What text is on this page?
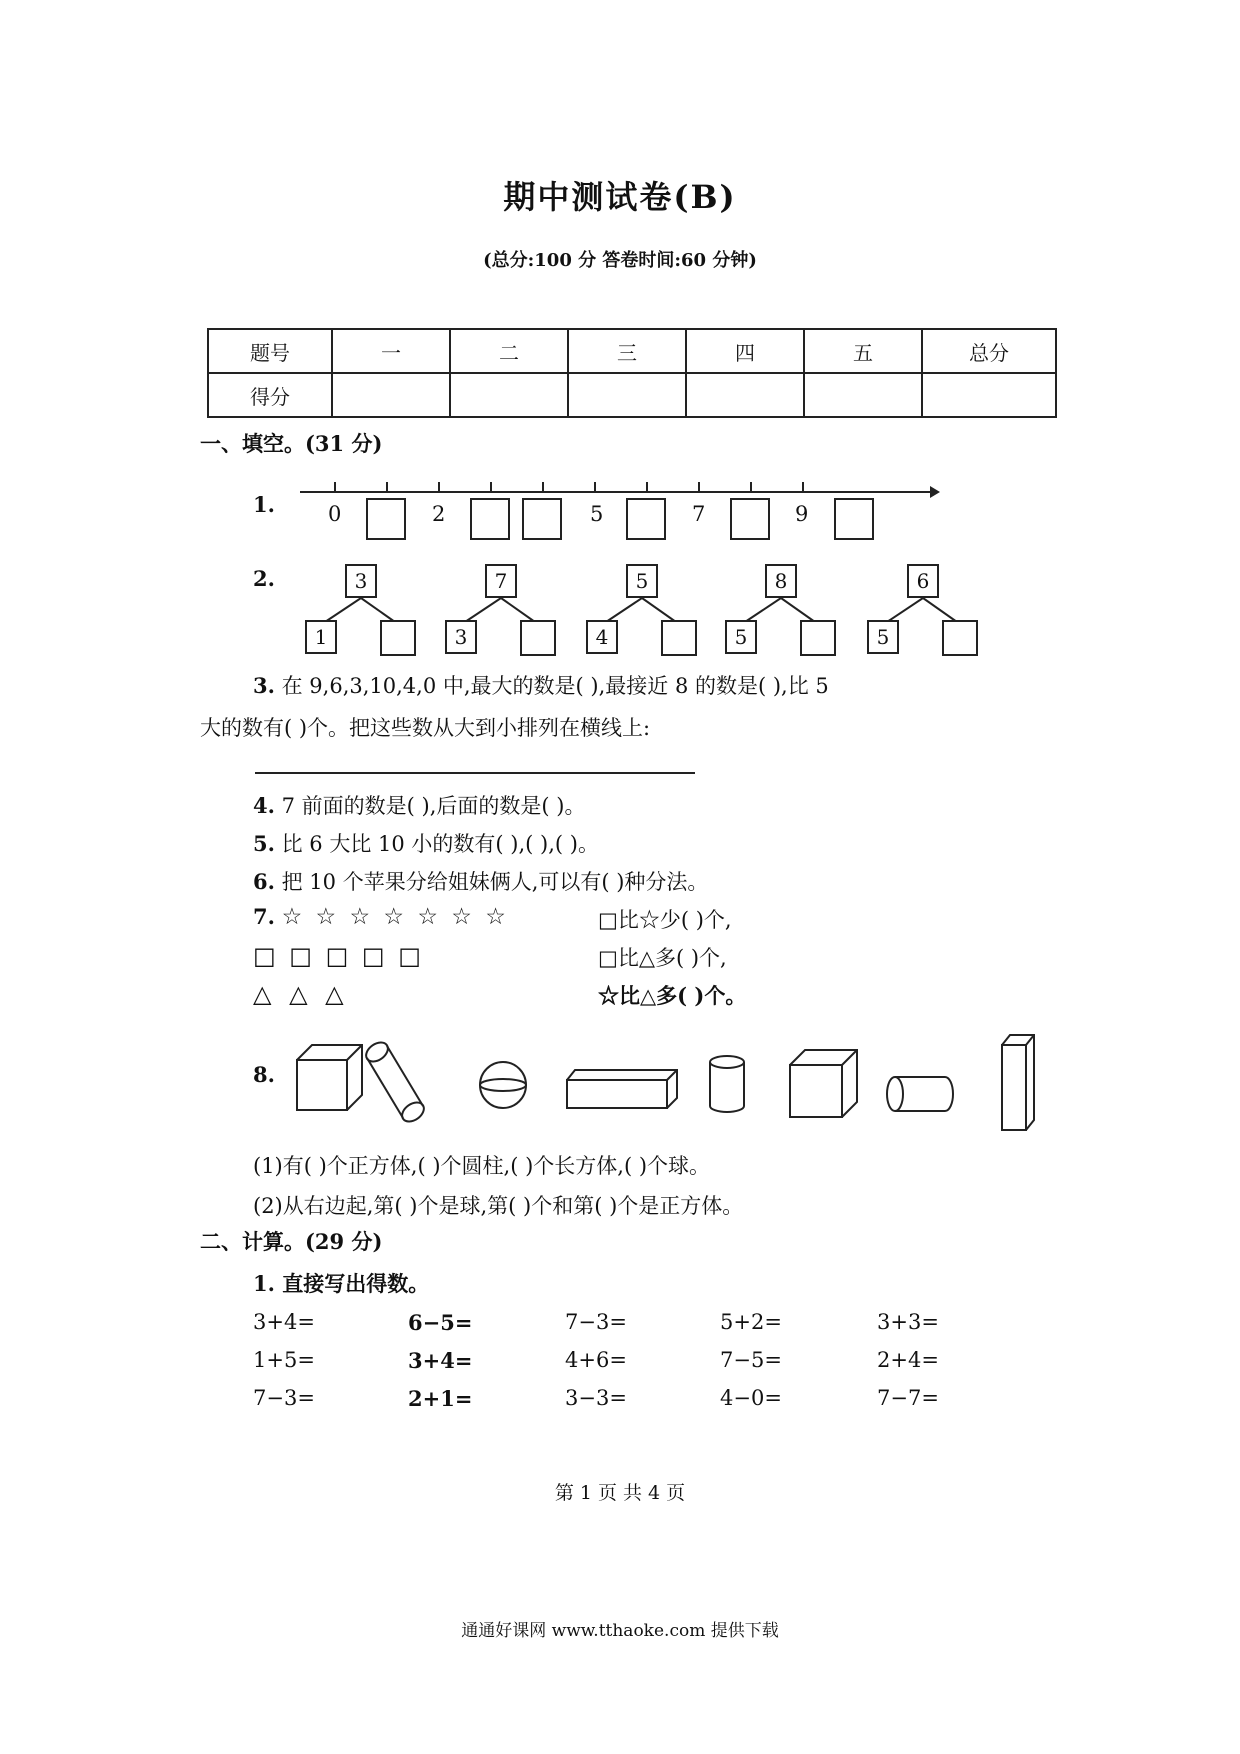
期中测试卷(B)
(总分:100 分 答卷时间:60 分钟)
题号	一	二	三	四	五	总分
得分						
一、填空。(31 分)
1.	0	2	5	7	9
2.	3
1
7
3
5
4
8
5
6
5
3. 在 9,6,3,10,4,0 中,最大的数是( ),最接近 8 的数是( ),比 5
大的数有( )个。把这些数从大到小排列在横线上:
4. 7 前面的数是( ),后面的数是( )。
5. 比 6 大比 10 小的数有( ),( ),( )。
6. 把 10 个苹果分给姐妹俩人,可以有( )种分法。
7. ☆ ☆ ☆ ☆ ☆ ☆ ☆
□ □ □ □ □
△ △ △
□比☆少( )个,
□比△多( )个,
☆比△多( )个。
8.
(1)有( )个正方体,( )个圆柱,( )个长方体,( )个球。
(2)从右边起,第( )个是球,第( )个和第( )个是正方体。
二、计算。(29 分)
1. 直接写出得数。
3+4=	6−5=	7−3=	5+2=	3+3=
1+5=	3+4=	4+6=	7−5=	2+4=
7−3=	2+1=	3−3=	4−0=	7−7=
第 1 页 共 4 页
通通好课网 www.tthaoke.com 提供下载
